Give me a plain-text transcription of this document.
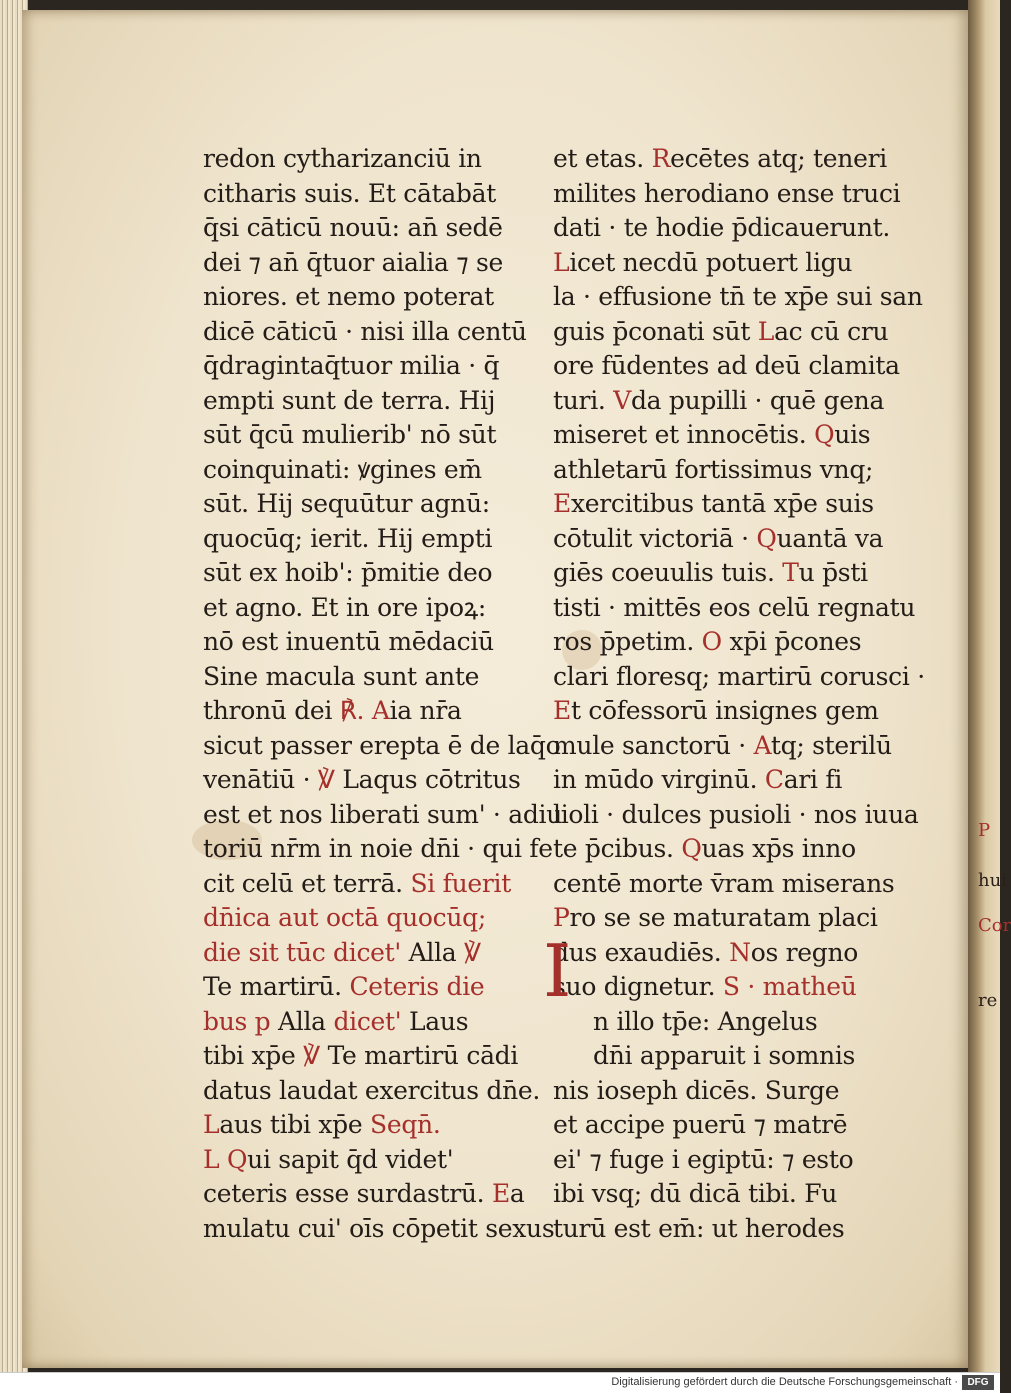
P
hui
Cor
re
redon cytharizanciū in
citharis suis. Et cātabāt
q̄si cāticū nouū: an̄ sedē
dei ⁊ an̄ q̄tuor aialia ⁊ se
niores. et nemo poterat
dicē cāticū · nisi illa centū
q̄dragintaq̄tuor milia · q̄
empti sunt de terra. Hij
sūt q̄cū mulierib' nō sūt
coinquinati: ꝟgines em̄
sūt. Hij sequūtur agnū:
quocūq; ierit. Hij empti
sūt ex hoib': p̄mitie deo
et agno. Et in ore ipoꝝ:
nō est inuentū mēdaciū
Sine macula sunt ante
thronū dei ℟. Aia nr̄a
sicut passer erepta ē de laq̄o
venātiū · ℣ Laqus cōtritus
est et nos liberati sum' · adiu
toriū nr̄m in noie dn̄i · qui fe
cit celū et terrā. Si fuerit
dn̄ica aut octā quocūq;
die sit tūc dicet' Alla ℣
Te martirū. Ceteris die
bus p Alla dicet' Laus
tibi xp̄e ℣ Te martirū cādi
datus laudat exercitus dn̄e.
Laus tibi xp̄e Seqn̄.
L Qui sapit q̄d videt'
ceteris esse surdastrū. Ea
mulatu cui' oīs cōpetit sexus
et etas. Recētes atq; teneri
milites herodiano ense truci
dati · te hodie p̄dicauerunt.
Licet necdū potuert ligu
la · effusione tn̄ te xp̄e sui san
guis p̄conati sūt Lac cū cru
ore fūdentes ad deū clamita
turi. Vda pupilli · quē gena
miseret et innocētis. Quis
athletarū fortissimus vnq;
Exercitibus tantā xp̄e suis
cōtulit victoriā · Quantā va
giēs coeuulis tuis. Tu p̄sti
tisti · mittēs eos celū regnatu
ros p̄petim. O xp̄i p̄cones
clari floresq; martirū corusci ·
Et cōfessorū insignes gem
mule sanctorū · Atq; sterilū
in mūdo virginū. Cari fi
lioli · dulces pusioli · nos iuua
te p̄cibus. Quas xp̄s inno
centē morte v̄ram miserans
Pro se se maturatam placi
dus exaudiēs. Nos regno
suo dignetur. S · matheū
n illo tp̄e: Angelus
dn̄i apparuit i somnis
nis ioseph dicēs. Surge
et accipe puerū ⁊ matrē
ei' ⁊ fuge i egiptū: ⁊ esto
ibi vsq; dū dicā tibi. Fu
turū est em̄: ut herodes
I
Digitalisierung gefördert durch die Deutsche Forschungsgemeinschaft · DFG
